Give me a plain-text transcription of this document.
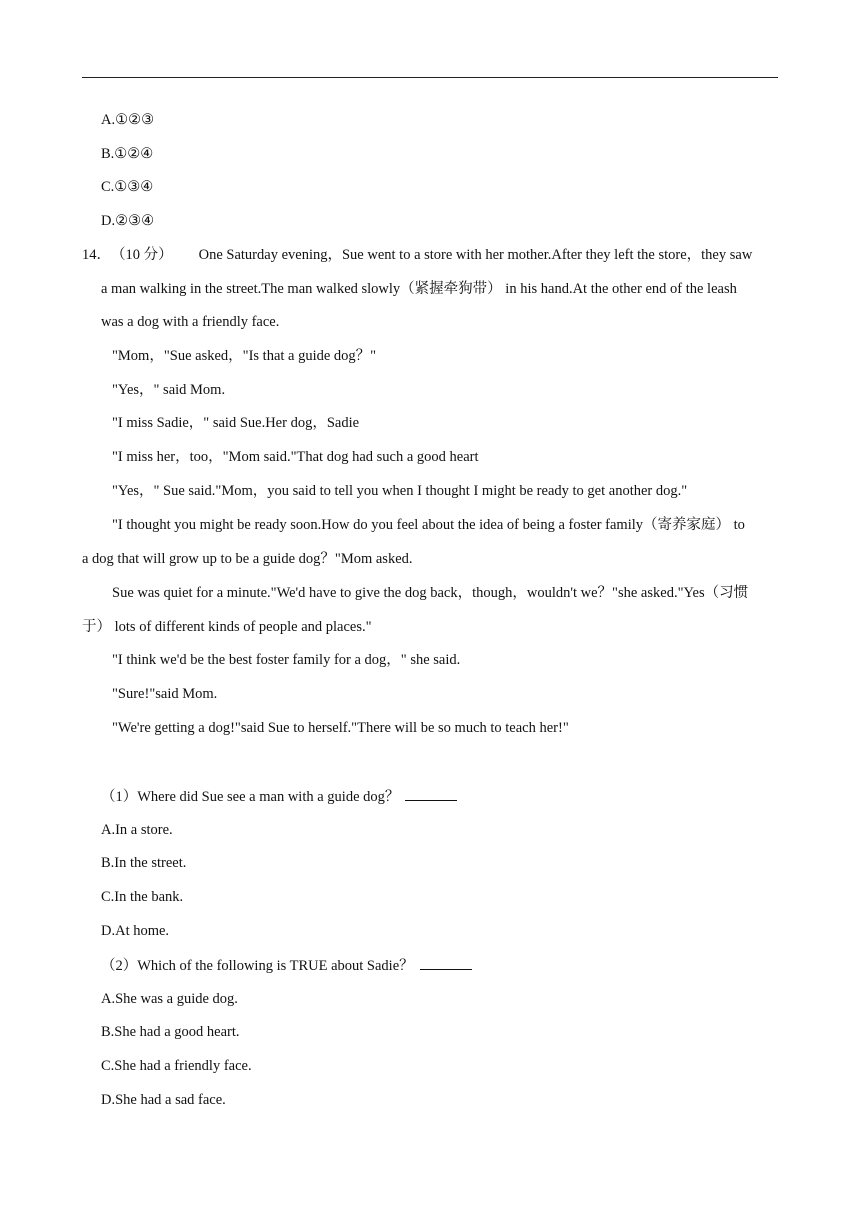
A.①②③
B.①②④
C.①③④
D.②③④
14． （10 分） One Saturday evening，Sue went to a store with her mother.After they left the store，they saw
a man walking in the street.The man walked slowly（紧握牵狗带） in his hand.At the other end of the leash
was a dog with a friendly face.
"Mom，"Sue asked，"Is that a guide dog？"
"Yes，" said Mom.
"I miss Sadie，" said Sue.Her dog，Sadie
"I miss her，too，"Mom said."That dog had such a good heart
"Yes，" Sue said."Mom，you said to tell you when I thought I might be ready to get another dog."
"I thought you might be ready soon.How do you feel about the idea of being a foster family（寄养家庭） to
a dog that will grow up to be a guide dog？"Mom asked.
Sue was quiet for a minute."We'd have to give the dog back，though，wouldn't we？"she asked."Yes（习惯
于） lots of different kinds of people and places."
"I think we'd be the best foster family for a dog，" she said.
"Sure!"said Mom.
"We're getting a dog!"said Sue to herself."There will be so much to teach her!"
（1）Where did Sue see a man with a guide dog？
A.In a store.
B.In the street.
C.In the bank.
D.At home.
（2）Which of the following is TRUE about Sadie？
A.She was a guide dog.
B.She had a good heart.
C.She had a friendly face.
D.She had a sad face.
